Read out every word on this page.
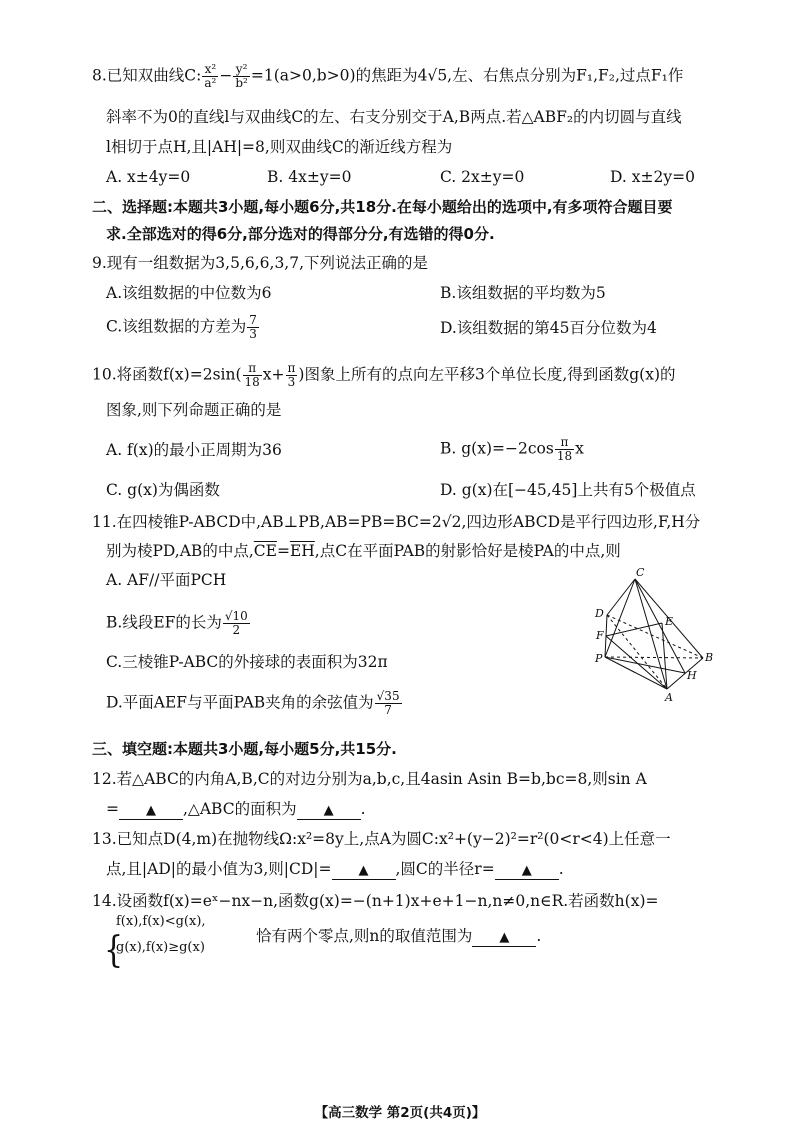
8.已知双曲线C: $\frac{\text{x²}}{\text{a²}} - \frac{\text{y²}}{\text{b²}} =1(a>0,b>0)$的焦距为4√5,左、右焦点分别为F₁,F₂,过点F₁作
斜率不为0的直线l与双曲线C的左、右支分别交于A,B两点.若△ABF₂的内切圆与直线
l相切于点H,且|AH|=8,则双曲线C的渐近线方程为
A. x±4y=0	B. 4x±y=0	C. 2x±y=0	D. x±2y=0
二、选择题:本题共3小题,每小题6分,共18分.在每小题给出的选项中,有多项符合题目要
求.全部选对的得6分,部分选对的得部分分,有选错的得0分.
9.现有一组数据为3,5,6,6,3,7,下列说法正确的是
A.该组数据的中位数为6	B.该组数据的平均数为5
C.该组数据的方差为 $\frac{7}{3}$	D.该组数据的第45百分位数为4
10.将函数$f(x)=2\sin( \frac{\pi}{18} x+ \frac{\pi}{3}$ )图象上所有的点向左平移3个单位长度,得到函数g(x)的
图象,则下列命题正确的是
A. f(x)的最小正周期为36	B. $g(x)=-2\cos \frac{\pi}{18}$ x
C. g(x)为偶函数	D. g(x)在[−45,45]上共有5个极值点
11.在四棱锥P-ABCD中,AB⊥PB,AB=PB=BC=2√2,四边形ABCD是平行四边形,F,H分
别为棱PD,AB的中点$,\overline{CE}=\overline{EH}$,点C在平面PAB的射影恰好是棱PA的中点,则
A. AF//平面PCH
B.线段EF的长为 $\frac{√10}{2}$
C.三棱锥P-ABC的外接球的表面积为32π
D.平面AEF与平面PAB夹角的余弦值为 $\frac{√35}{7}$
C
D
E
F
P	B
H
A
三、填空题:本题共3小题,每小题5分,共15分.
12.若△ABC的内角A,B,C的对边分别为a,b,c,且4asin Asin B=b,bc=8,则sin A
= ▲ ,△ABC的面积为 ▲ .
13.已知点D(4,m)在抛物线Ω:x²=8y上,点A为圆C:x²+(y−2)²=r²(0<r<4)上任意一
点,且|AD|的最小值为3,则|CD|= ▲ ,圆C的半径r= ▲ .
14.设函数f(x)=eˣ−nx−n,函数g(x)=−(n+1)x+e+1−n,n≠0,n∈R.若函数h(x)=
{
f(x),f(x)<g(x),
g(x),f(x)≥g(x)
恰有两个零点,则n的取值范围为 ▲ .
【高三数学 第2页(共4页)】
